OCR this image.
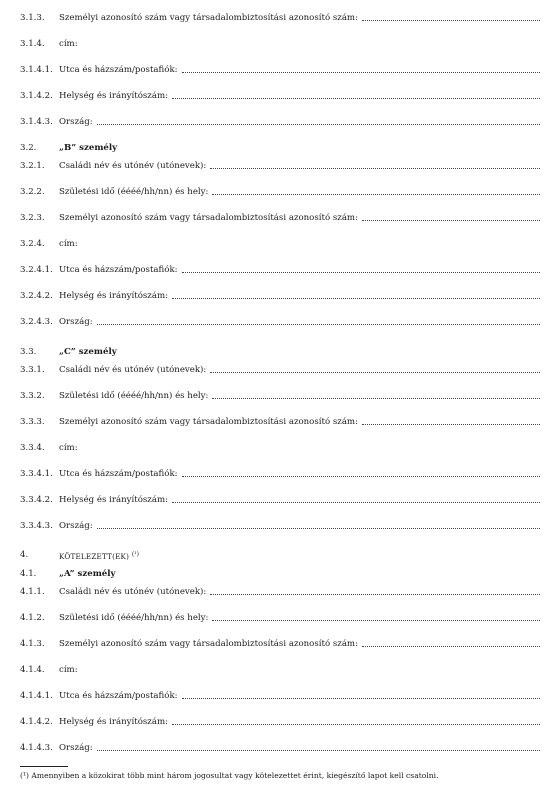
3.1.3. Személyi azonosító szám vagy társadalombiztosítási azonosító szám:
3.1.4. cím:
3.1.4.1. Utca és házszám/postafiók:
3.1.4.2. Helység és irányítószám:
3.1.4.3. Ország:
3.2.	„B” személy
3.2.1. Családi név és utónév (utónevek):
3.2.2. Születési idő (éééé/hh/nn) és hely:
3.2.3. Személyi azonosító szám vagy társadalombiztosítási azonosító szám:
3.2.4. cím:
3.2.4.1. Utca és házszám/postafiók:
3.2.4.2. Helység és irányítószám:
3.2.4.3. Ország:
3.3.	„C” személy
3.3.1. Családi név és utónév (utónevek):
3.3.2. Születési idő (éééé/hh/nn) és hely:
3.3.3. Személyi azonosító szám vagy társadalombiztosítási azonosító szám:
3.3.4. cím:
3.3.4.1. Utca és házszám/postafiók:
3.3.4.2. Helység és irányítószám:
3.3.4.3. Ország:
4.	KÖTELEZETT(EK) $^{(^1)}$
4.1.	„A” személy
4.1.1. Családi név és utónév (utónevek):
4.1.2. Születési idő (éééé/hh/nn) és hely:
4.1.3. Személyi azonosító szám vagy társadalombiztosítási azonosító szám:
4.1.4. cím:
4.1.4.1. Utca és házszám/postafiók:
4.1.4.2. Helység és irányítószám:
4.1.4.3. Ország:
(¹) Amennyiben a közokirat több mint három jogosultat vagy kötelezettet érint, kiegészítő lapot kell csatolni.
